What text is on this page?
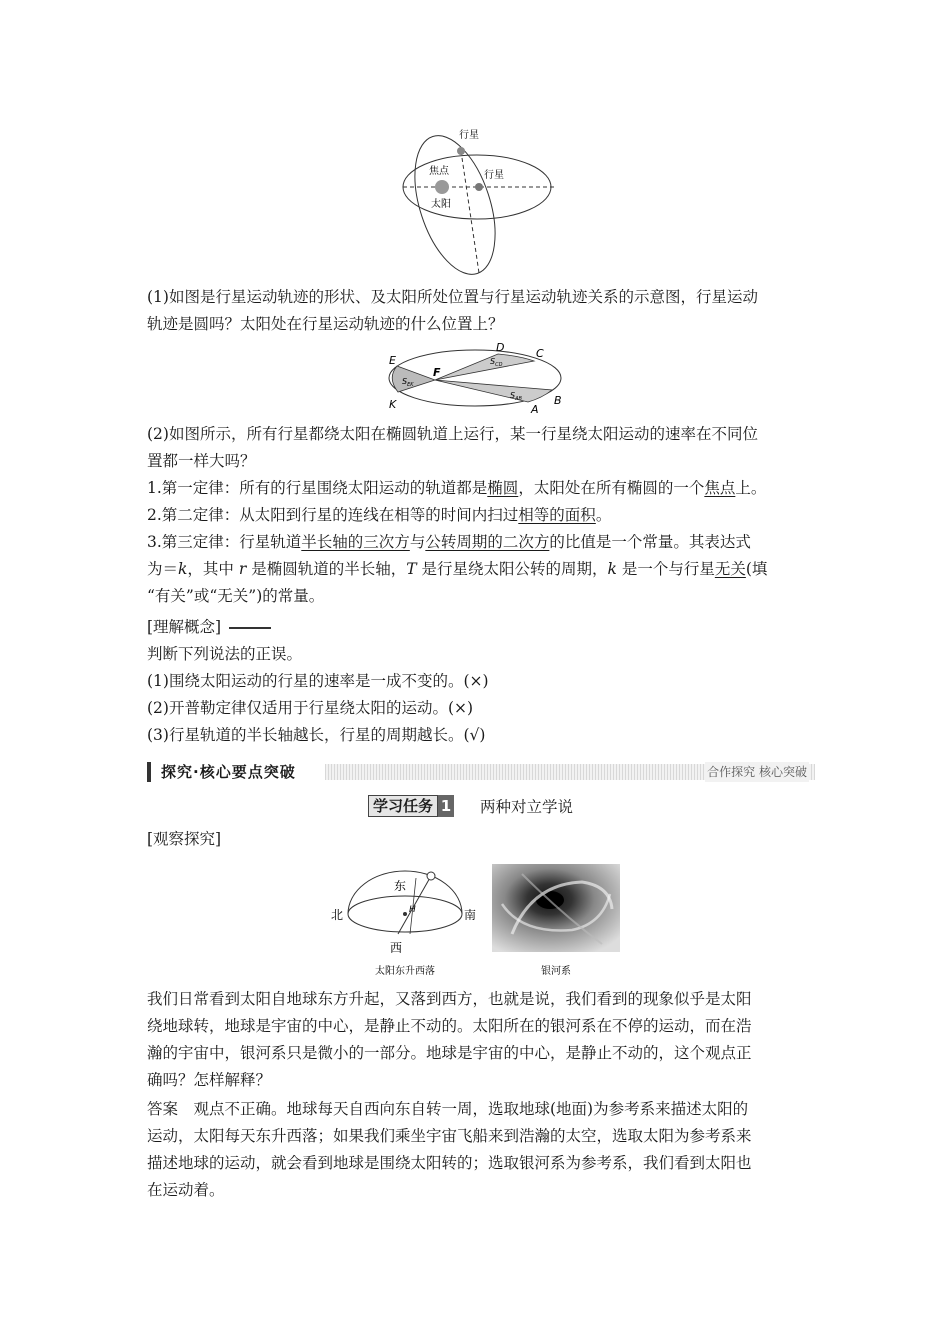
行星
焦点	行星
太阳
(1)如图是行星运动轨迹的形状、及太阳所处位置与行星运动轨迹关系的示意图，行星运动
轨迹是圆吗？太阳处在行星运动轨迹的什么位置上？
E
D	C
F
K	A
B
$S_{CD}$
$S_{EK}$
$S_{AB}$
(2)如图所示，所有行星都绕太阳在椭圆轨道上运行，某一行星绕太阳运动的速率在不同位
置都一样大吗？
1.第一定律：所有的行星围绕太阳运动的轨道都是椭圆，太阳处在所有椭圆的一个焦点上。
2.第二定律：从太阳到行星的连线在相等的时间内扫过相等的面积。
3.第三定律：行星轨道半长轴的三次方与公转周期的二次方的比值是一个常量。其表达式
为＝k，其中 r 是椭圆轨道的半长轴，T 是行星绕太阳公转的周期，k 是一个与行星无关(填
“有关”或“无关”)的常量。
[理解概念]
判断下列说法的正误。
(1)围绕太阳运动的行星的速率是一成不变的。(×)
(2)开普勒定律仅适用于行星绕太阳的运动。(×)
(3)行星轨道的半长轴越长，行星的周期越长。(√)
探究·核心要点突破	合作探究 核心突破
学习任务 1 两种对立学说
[观察探究]
东
北	南
西
H
太阳东升西落	银河系
我们日常看到太阳自地球东方升起，又落到西方，也就是说，我们看到的现象似乎是太阳
绕地球转，地球是宇宙的中心，是静止不动的。太阳所在的银河系在不停的运动，而在浩
瀚的宇宙中，银河系只是微小的一部分。地球是宇宙的中心，是静止不动的，这个观点正
确吗？怎样解释？
答案　观点不正确。地球每天自西向东自转一周，选取地球(地面)为参考系来描述太阳的
运动，太阳每天东升西落；如果我们乘坐宇宙飞船来到浩瀚的太空，选取太阳为参考系来
描述地球的运动，就会看到地球是围绕太阳转的；选取银河系为参考系，我们看到太阳也
在运动着。
